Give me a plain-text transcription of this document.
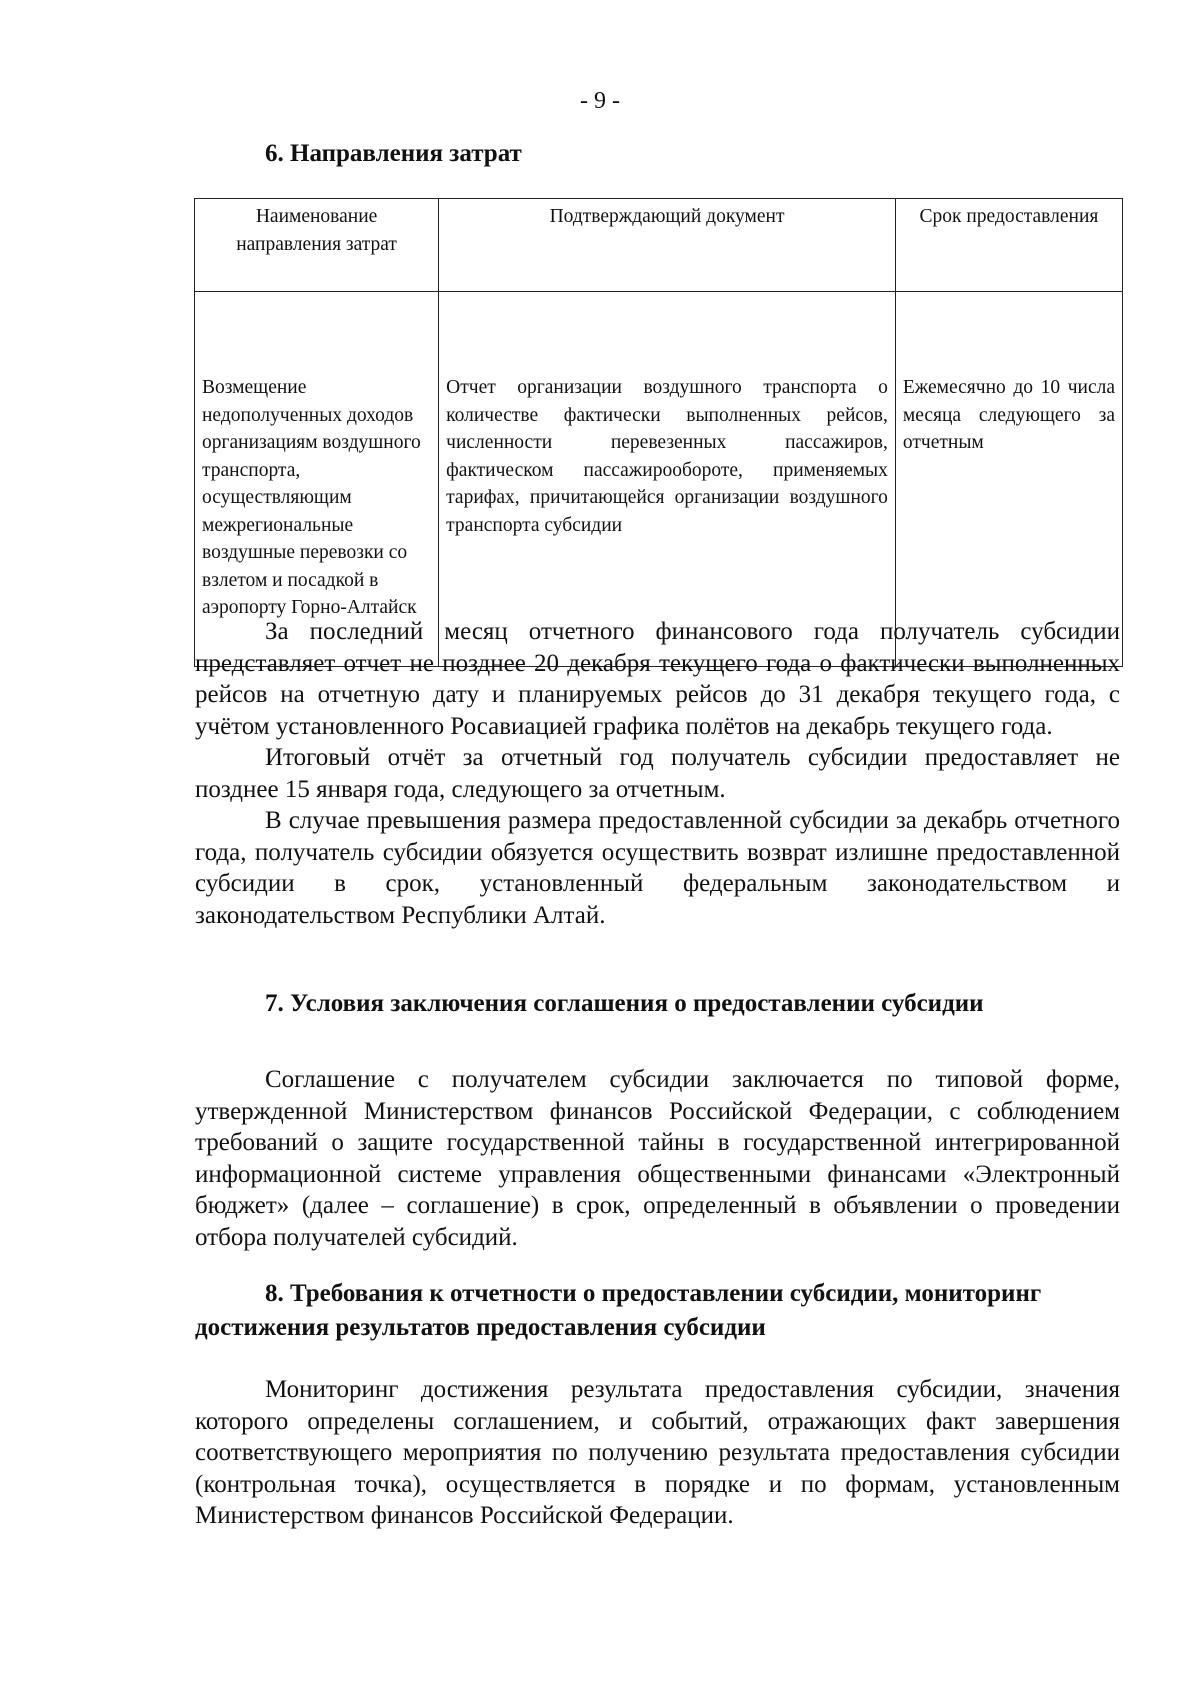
- 9 -
6. Направления затрат
Наименование направления затрат	Подтверждающий документ	Срок предоставления
Возмещение недополученных доходов организациям воздушного транспорта, осуществляющим межрегиональные воздушные перевозки со взлетом и посадкой в аэропорту Горно-Алтайск	Отчет организации воздушного транспорта о количестве фактически выполненных рейсов, численности перевезенных пассажиров, фактическом пассажирообороте, применяемых тарифах, причитающейся организации воздушного транспорта субсидии	Ежемесячно до 10 числа месяца следующего за отчетным

За последний месяц отчетного финансового года получатель субсидии представляет отчет не позднее 20 декабря текущего года о фактически выполненных рейсов на отчетную дату и планируемых рейсов до 31 декабря текущего года, с учётом установленного Росавиацией графика полётов на декабрь текущего года.

Итоговый отчёт за отчетный год получатель субсидии предоставляет не позднее 15 января года, следующего за отчетным.

В случае превышения размера предоставленной субсидии за декабрь отчетного года, получатель субсидии обязуется осуществить возврат излишне предоставленной субсидии в срок, установленный федеральным законодательством и законодательством Республики Алтай.

7. Условия заключения соглашения о предоставлении субсидии

Соглашение с получателем субсидии заключается по типовой форме, утвержденной Министерством финансов Российской Федерации, с соблюдением требований о защите государственной тайны в государственной интегрированной информационной системе управления общественными финансами «Электронный бюджет» (далее – соглашение) в срок, определенный в объявлении о проведении отбора получателей субсидий.

8. Требования к отчетности о предоставлении субсидии, мониторинг достижения результатов предоставления субсидии

Мониторинг достижения результата предоставления субсидии, значения которого определены соглашением, и событий, отражающих факт завершения соответствующего мероприятия по получению результата предоставления субсидии (контрольная точка), осуществляется в порядке и по формам, установленным Министерством финансов Российской Федерации.
